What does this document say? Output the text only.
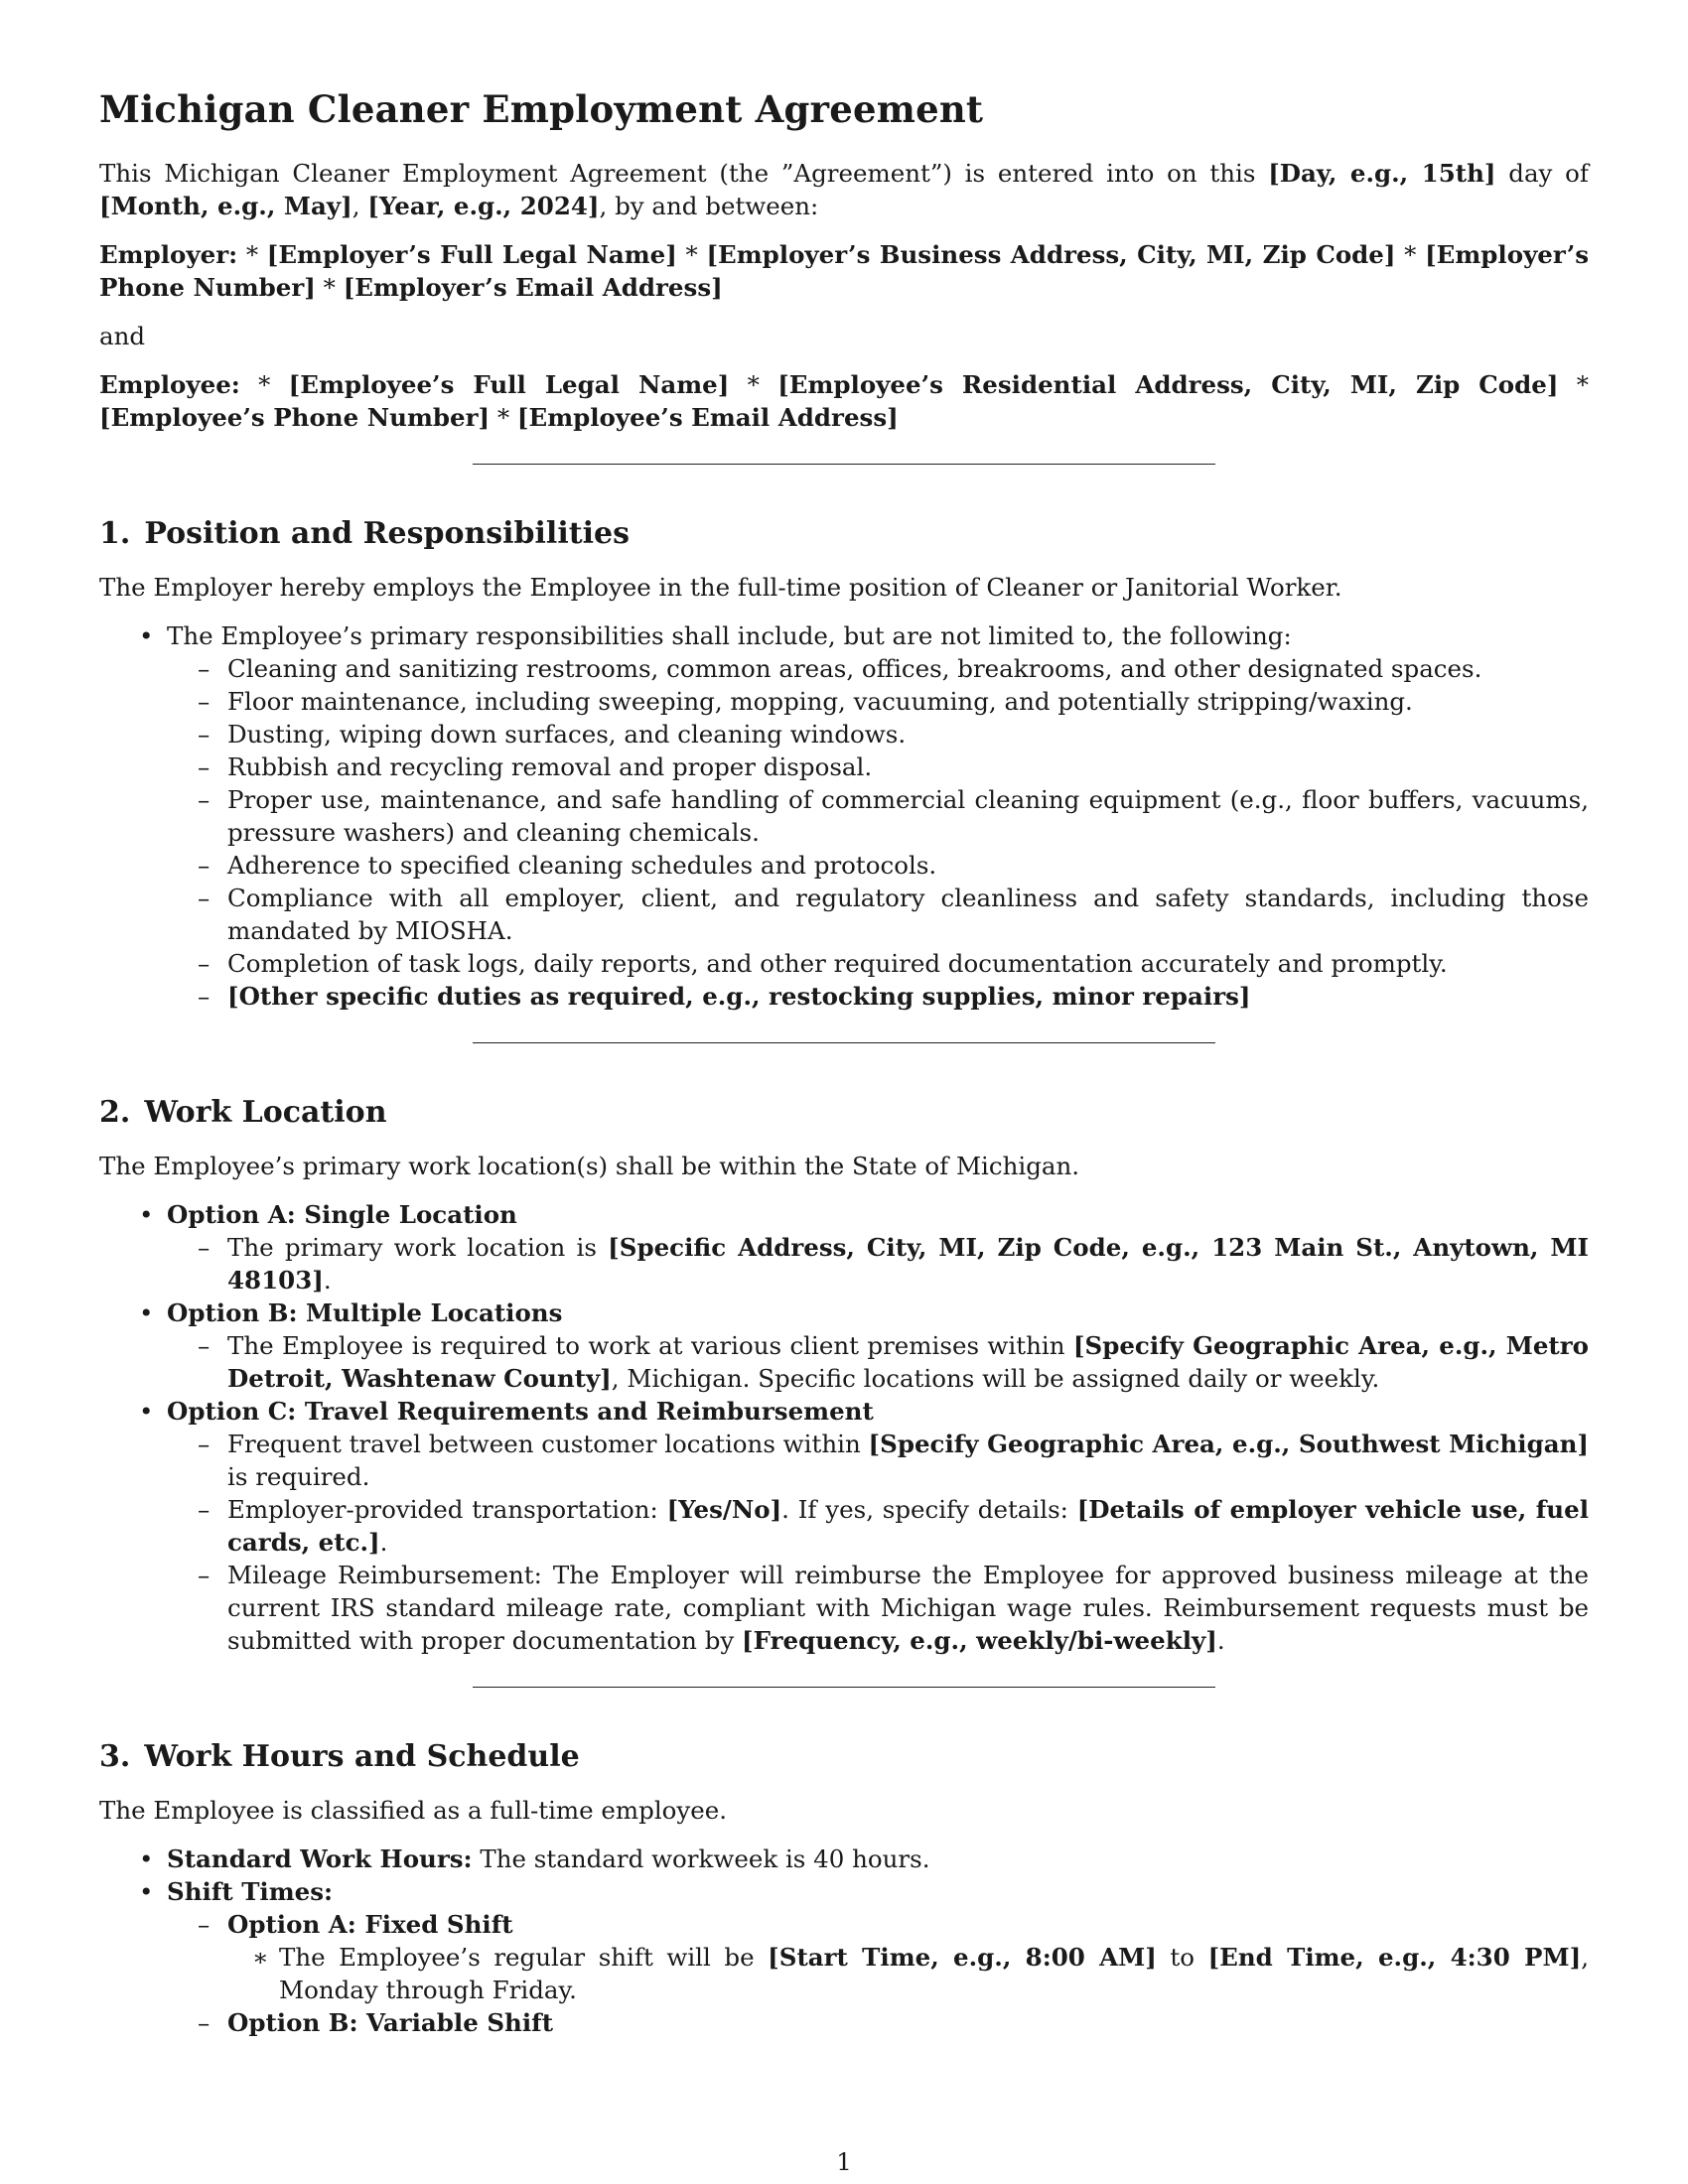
Michigan Cleaner Employment Agreement

This Michigan Cleaner Employment Agreement (the ”Agreement”) is entered into on this [Day, e.g., 15th] day of [Month, e.g., May], [Year, e.g., 2024], by and between:

Employer: * [Employer’s Full Legal Name] * [Employer’s Business Address, City, MI, Zip Code] * [Employer’s Phone Number] * [Employer’s Email Address]

and

Employee: * [Employee’s Full Legal Name] * [Employee’s Residential Address, City, MI, Zip Code] * [Employee’s Phone Number] * [Employee’s Email Address]

1. Position and Responsibilities

The Employer hereby employs the Employee in the full-time position of Cleaner or Janitorial Worker.

• The Employee’s primary responsibilities shall include, but are not limited to, the following:
– Cleaning and sanitizing restrooms, common areas, offices, breakrooms, and other designated spaces.
– Floor maintenance, including sweeping, mopping, vacuuming, and potentially stripping/waxing.
– Dusting, wiping down surfaces, and cleaning windows.
– Rubbish and recycling removal and proper disposal.
– Proper use, maintenance, and safe handling of commercial cleaning equipment (e.g., floor buffers, vacuums, pressure washers) and cleaning chemicals.
– Adherence to specified cleaning schedules and protocols.
– Compliance with all employer, client, and regulatory cleanliness and safety standards, including those mandated by MIOSHA.
– Completion of task logs, daily reports, and other required documentation accurately and promptly.
– [Other specific duties as required, e.g., restocking supplies, minor repairs]
2. Work Location

The Employee’s primary work location(s) shall be within the State of Michigan.

• Option A: Single Location
– The primary work location is [Specific Address, City, MI, Zip Code, e.g., 123 Main St., Anytown, MI 48103].
• Option B: Multiple Locations
– The Employee is required to work at various client premises within [Specify Geographic Area, e.g., Metro Detroit, Washtenaw County], Michigan. Specific locations will be assigned daily or weekly.
• Option C: Travel Requirements and Reimbursement
– Frequent travel between customer locations within [Specify Geographic Area, e.g., Southwest Michigan] is required.
– Employer-provided transportation: [Yes/No]. If yes, specify details: [Details of employer vehicle use, fuel cards, etc.].
– Mileage Reimbursement: The Employer will reimburse the Employee for approved business mileage at the current IRS standard mileage rate, compliant with Michigan wage rules. Reimbursement requests must be submitted with proper documentation by [Frequency, e.g., weekly/bi-weekly].
3. Work Hours and Schedule

The Employee is classified as a full-time employee.

• Standard Work Hours: The standard workweek is 40 hours.
• Shift Times:
– Option A: Fixed Shift
∗ The Employee’s regular shift will be [Start Time, e.g., 8:00 AM] to [End Time, e.g., 4:30 PM], Monday through Friday.
– Option B: Variable Shift
1
